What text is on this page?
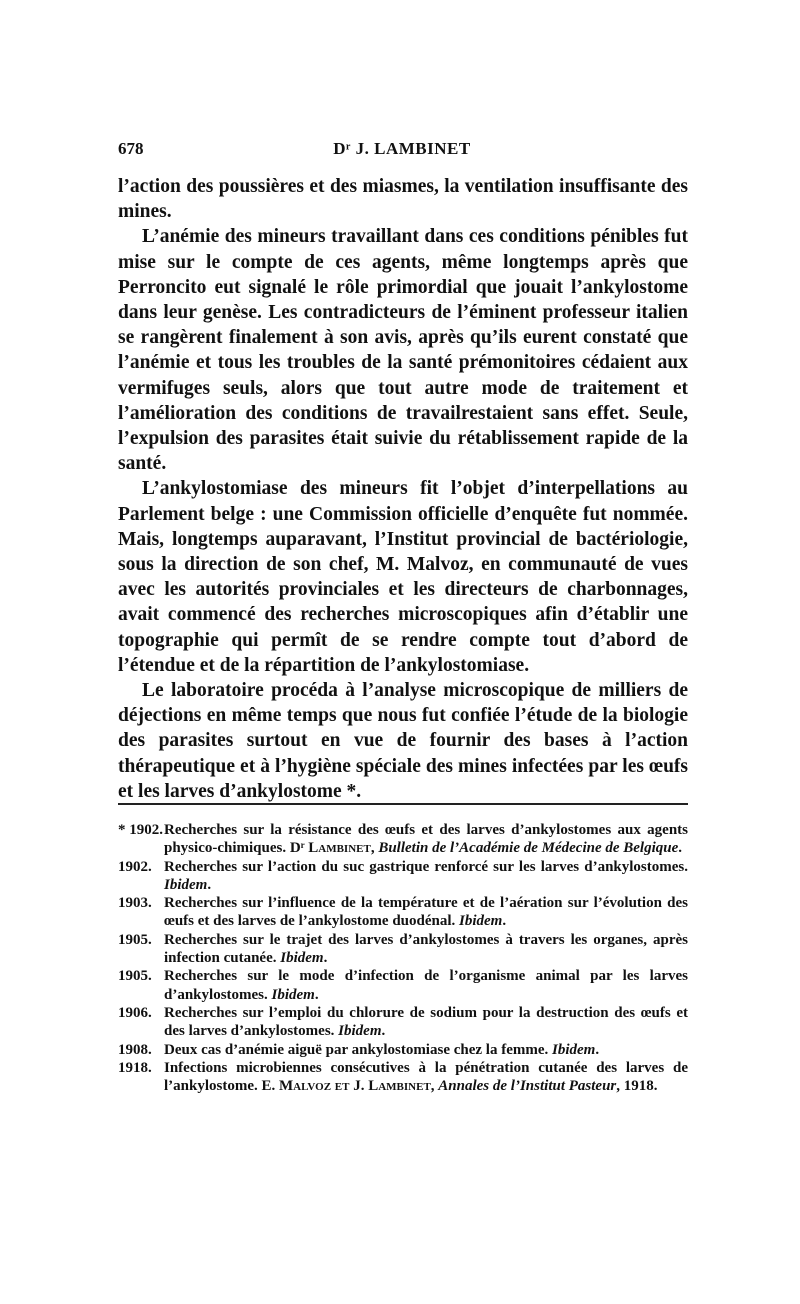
678	Dʳ J. LAMBINET

l’action des poussières et des miasmes, la ventilation insuffisante des mines.

L’anémie des mineurs travaillant dans ces conditions pénibles fut mise sur le compte de ces agents, même longtemps après que Perroncito eut signalé le rôle primordial que jouait l’ankylostome dans leur genèse. Les contradicteurs de l’éminent professeur italien se rangèrent finalement à son avis, après qu’ils eurent constaté que l’anémie et tous les troubles de la santé prémonitoires cédaient aux vermifuges seuls, alors que tout autre mode de traitement et l’amélioration des conditions de travailrestaient sans effet. Seule, l’expulsion des parasites était suivie du rétablissement rapide de la santé.

L’ankylostomiase des mineurs fit l’objet d’interpellations au Parlement belge : une Commission officielle d’enquête fut nommée. Mais, longtemps auparavant, l’Institut provincial de bactériologie, sous la direction de son chef, M. Malvoz, en communauté de vues avec les autorités provinciales et les directeurs de charbonnages, avait commencé des recherches microscopiques afin d’établir une topographie qui permît de se rendre compte tout d’abord de l’étendue et de la répartition de l’ankylostomiase.

Le laboratoire procéda à l’analyse microscopique de milliers de déjections en même temps que nous fut confiée l’étude de la biologie des parasites surtout en vue de fournir des bases à l’action thérapeutique et à l’hygiène spéciale des mines infectées par les œufs et les larves d’ankylostome *.

* 1902. Recherches sur la résistance des œufs et des larves d’ankylostomes aux agents physico-chimiques. Dʳ Lambinet, Bulletin de l’Académie de Médecine de Belgique.
1902. Recherches sur l’action du suc gastrique renforcé sur les larves d’ankylostomes. Ibidem.
1903. Recherches sur l’influence de la température et de l’aération sur l’évolution des œufs et des larves de l’ankylostome duodénal. Ibidem.
1905. Recherches sur le trajet des larves d’ankylostomes à travers les organes, après infection cutanée. Ibidem.
1905. Recherches sur le mode d’infection de l’organisme animal par les larves d’ankylostomes. Ibidem.
1906. Recherches sur l’emploi du chlorure de sodium pour la destruction des œufs et des larves d’ankylostomes. Ibidem.
1908. Deux cas d’anémie aiguë par ankylostomiase chez la femme. Ibidem.
1918. Infections microbiennes consécutives à la pénétration cutanée des larves de l’ankylostome. E. Malvoz et J. Lambinet, Annales de l’Institut Pasteur, 1918.
